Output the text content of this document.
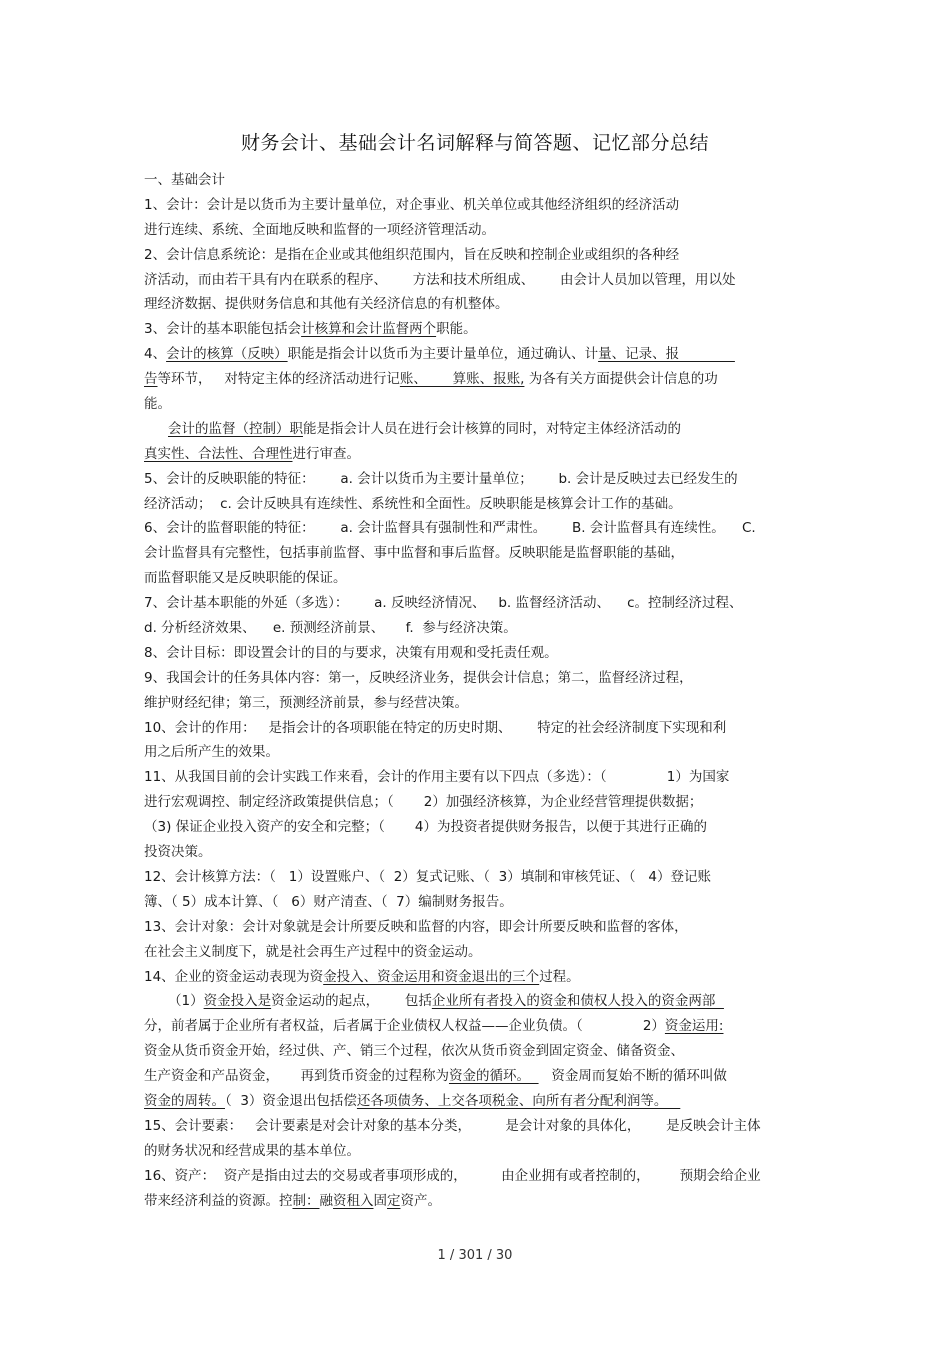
财务会计、基础会计名词解释与简答题、记忆部分总结
一、基础会计
1、会计：会计是以货币为主要计量单位，对企事业、机关单位或其他经济组织的经济活动
进行连续、系统、全面地反映和监督的一项经济管理活动。
2、会计信息系统论：是指在企业或其他组织范围内，旨在反映和控制企业或组织的各种经
济活动，而由若干具有内在联系的程序、      方法和技术所组成、      由会计人员加以管理，用以处
理经济数据、提供财务信息和其他有关经济信息的有机整体。
3、会计的基本职能包括会计核算和会计监督两个职能。
4、会计的核算（反映）职能是指会计以货币为主要计量单位，通过确认、计量、记录、报
告等环节，   对特定主体的经济活动进行记账、      算账、报账, 为各有关方面提供会计信息的功
能。
会计的监督（控制）职能是指会计人员在进行会计核算的同时，对特定主体经济活动的
真实性、合法性、合理性进行审查。
5、会计的反映职能的特征：      a. 会计以货币为主要计量单位；      b. 会计是反映过去已经发生的
经济活动；  c. 会计反映具有连续性、系统性和全面性。反映职能是核算会计工作的基础。
6、会计的监督职能的特征：      a. 会计监督具有强制性和严肃性。      B. 会计监督具有连续性。    C.
会计监督具有完整性，包括事前监督、事中监督和事后监督。反映职能是监督职能的基础，
而监督职能又是反映职能的保证。
7、会计基本职能的外延（多选）：      a. 反映经济情况、   b. 监督经济活动、    c。控制经济过程、
d. 分析经济效果、    e. 预测经济前景、     f.  参与经济决策。
8、会计目标：即设置会计的目的与要求，决策有用观和受托责任观。
9、我国会计的任务具体内容：第一，反映经济业务，提供会计信息；第二，监督经济过程，
维护财经纪律；第三，预测经济前景，参与经营决策。
10、会计的作用：   是指会计的各项职能在特定的历史时期、      特定的社会经济制度下实现和利
用之后所产生的效果。
11、从我国目前的会计实践工作来看，会计的作用主要有以下四点（多选）：（              1）为国家
进行宏观调控、制定经济政策提供信息；（       2）加强经济核算，为企业经营管理提供数据；
（3) 保证企业投入资产的安全和完整；（       4）为投资者提供财务报告，以便于其进行正确的
投资决策。
12、会计核算方法：（   1）设置账户、（  2）复式记账、（  3）填制和审核凭证、（   4）登记账
簿、（ 5）成本计算、（   6）财产清查、（  7）编制财务报告。
13、会计对象：会计对象就是会计所要反映和监督的内容，即会计所要反映和监督的客体，
在社会主义制度下，就是社会再生产过程中的资金运动。
14、企业的资金运动表现为资金投入、资金运用和资金退出的三个过程。
（1）资金投入是资金运动的起点，      包括企业所有者投入的资金和债权人投入的资金两部
分，前者属于企业所有者权益，后者属于企业债权人权益——企业负债。（              2）资金运用:
资金从货币资金开始，经过供、产、销三个过程，依次从货币资金到固定资金、储备资金、
生产资金和产品资金，     再到货币资金的过程称为资金的循环。     资金周而复始不断的循环叫做
资金的周转。（  3）资金退出包括偿还各项债务、上交各项税金、向所有者分配利润等。
15、会计要素：   会计要素是对会计对象的基本分类，        是会计对象的具体化，      是反映会计主体
的财务状况和经营成果的基本单位。
16、资产：  资产是指由过去的交易或者事项形成的，        由企业拥有或者控制的，       预期会给企业
带来经济利益的资源。控制：融资租入固定资产。
1 / 301 / 30
